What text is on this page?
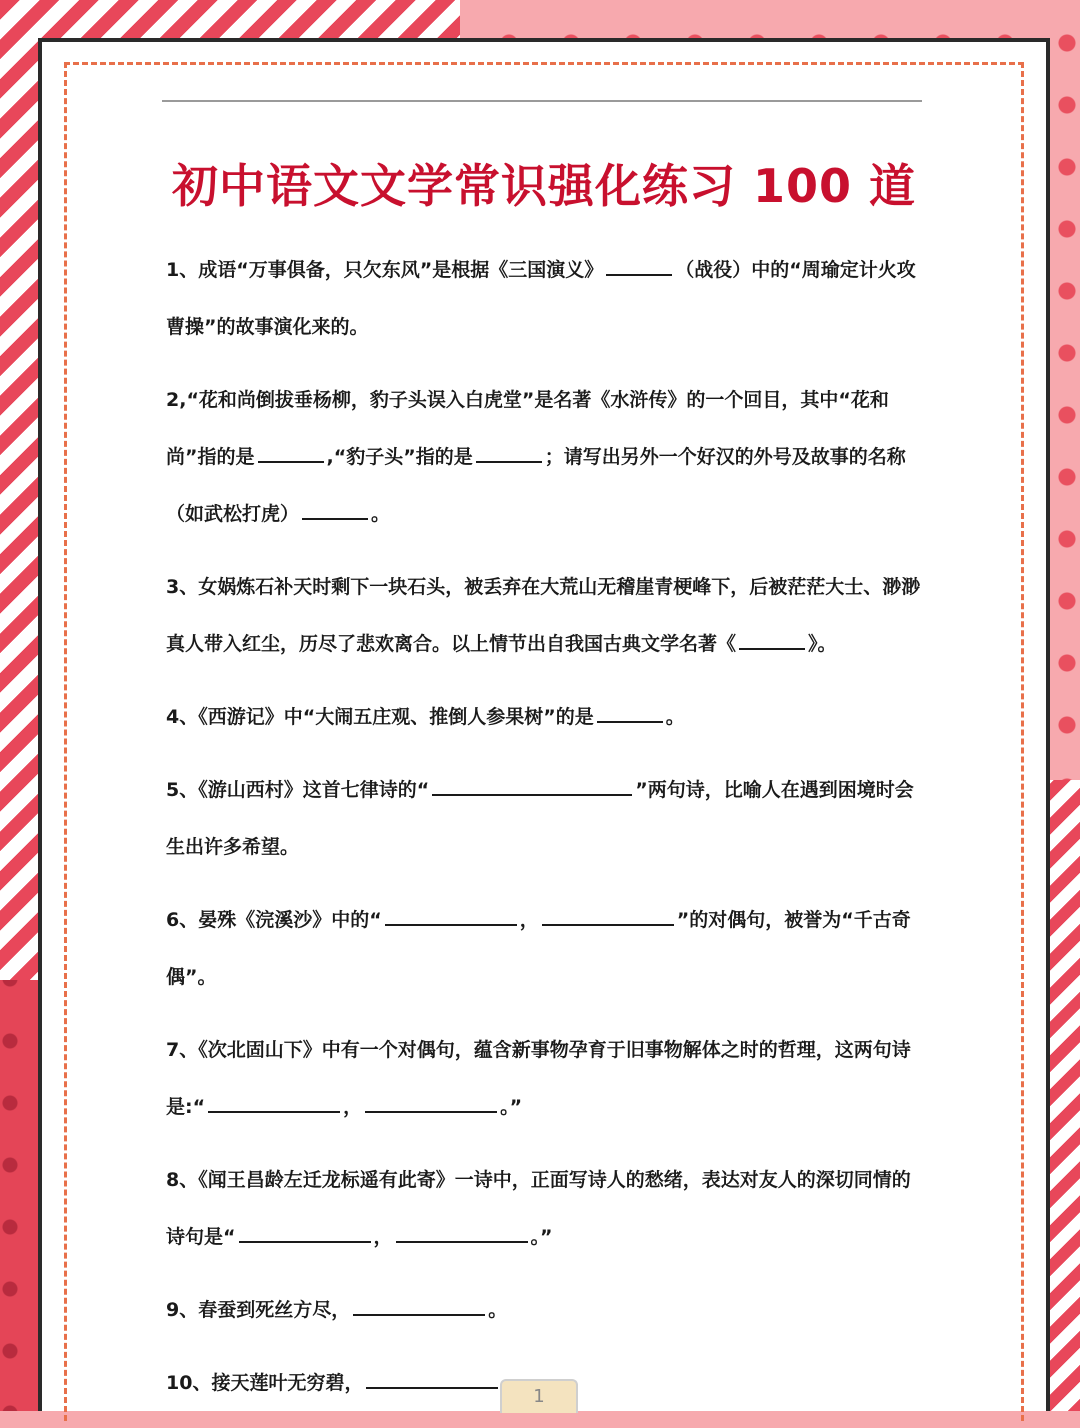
初中语文文学常识强化练习 100 道
1、成语“万事俱备，只欠东风”是根据《三国演义》	（战役）中的“周瑜定计火攻曹操”的故事演化来的。
2,“花和尚倒拔垂杨柳，豹子头误入白虎堂”是名著《水浒传》的一个回目，其中“花和尚”指的是	,“豹子头”指的是	；请写出另外一个好汉的外号及故事的名称（如武松打虎）	。
3、女娲炼石补天时剩下一块石头，被丢弃在大荒山无稽崖青梗峰下，后被茫茫大士、渺渺真人带入红尘，历尽了悲欢离合。以上情节出自我国古典文学名著《	》。
4、《西游记》中“大闹五庄观、推倒人参果树”的是	。
5、《游山西村》这首七律诗的“	”两句诗，比喻人在遇到困境时会生出许多希望。
6、晏殊《浣溪沙》中的“	，	”的对偶句，被誉为“千古奇偶”。
7、《次北固山下》中有一个对偶句，蕴含新事物孕育于旧事物解体之时的哲理，这两句诗是:“	，	。”
8、《闻王昌龄左迁龙标遥有此寄》一诗中，正面写诗人的愁绪，表达对友人的深切同情的诗句是“	，	。”
9、春蚕到死丝方尽，	。
10、接天莲叶无穷碧，
1
